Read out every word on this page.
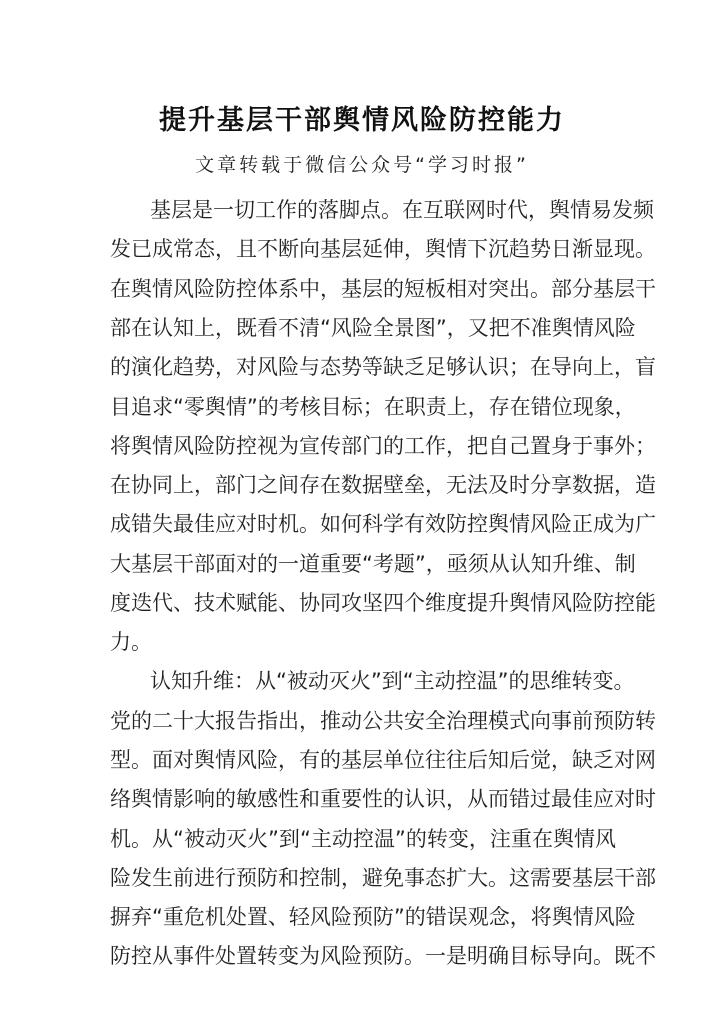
提升基层干部舆情风险防控能力
文章转载于微信公众号“学习时报”
基层是一切工作的落脚点。在互联网时代，舆情易发频
发已成常态，且不断向基层延伸，舆情下沉趋势日渐显现。
在舆情风险防控体系中，基层的短板相对突出。部分基层干
部在认知上，既看不清“风险全景图”，又把不准舆情风险
的演化趋势，对风险与态势等缺乏足够认识；在导向上，盲
目追求“零舆情”的考核目标；在职责上，存在错位现象，
将舆情风险防控视为宣传部门的工作，把自己置身于事外；
在协同上，部门之间存在数据壁垒，无法及时分享数据，造
成错失最佳应对时机。如何科学有效防控舆情风险正成为广
大基层干部面对的一道重要“考题”，亟须从认知升维、制
度迭代、技术赋能、协同攻坚四个维度提升舆情风险防控能
力。
认知升维：从“被动灭火”到“主动控温”的思维转变。
党的二十大报告指出，推动公共安全治理模式向事前预防转
型。面对舆情风险，有的基层单位往往后知后觉，缺乏对网
络舆情影响的敏感性和重要性的认识，从而错过最佳应对时
机。从“被动灭火”到“主动控温”的转变，注重在舆情风
险发生前进行预防和控制，避免事态扩大。这需要基层干部
摒弃“重危机处置、轻风险预防”的错误观念，将舆情风险
防控从事件处置转变为风险预防。一是明确目标导向。既不
